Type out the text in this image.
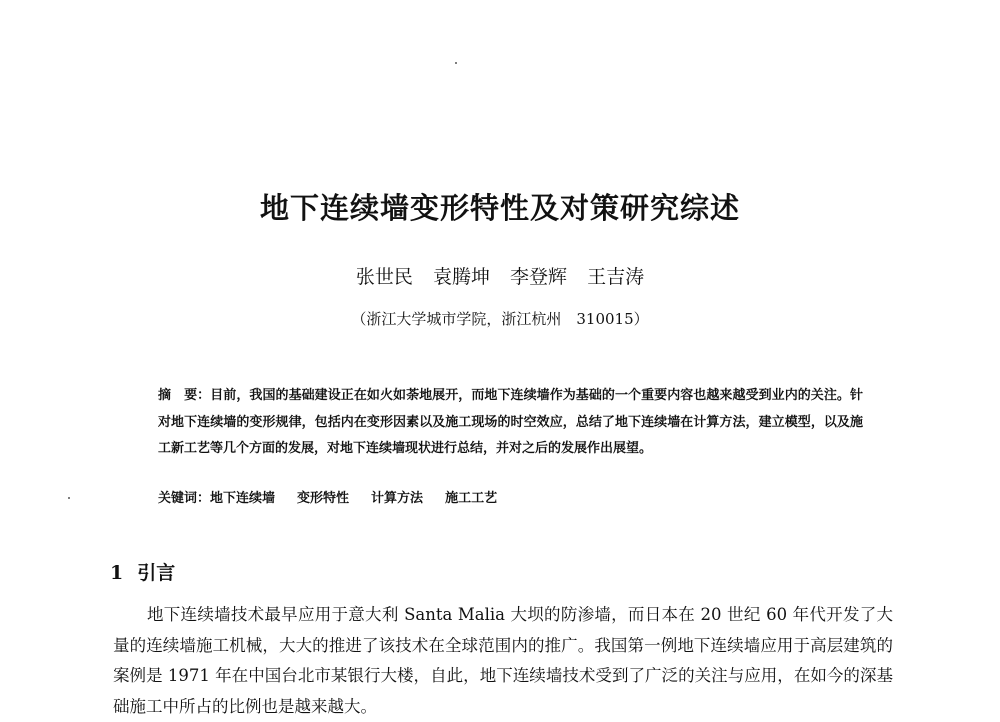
地下连续墙变形特性及对策研究综述

张世民 袁腾坤 李登辉 王吉涛

（浙江大学城市学院，浙江杭州　310015）

摘　要：目前，我国的基础建设正在如火如荼地展开，而地下连续墙作为基础的一个重要内容也越来越受到业内的关注。针对地下连续墙的变形规律，包括内在变形因素以及施工现场的时空效应，总结了地下连续墙在计算方法，建立模型，以及施工新工艺等几个方面的发展，对地下连续墙现状进行总结，并对之后的发展作出展望。

关键词：地下连续墙 变形特性 计算方法 施工工艺

1 引言

地下连续墙技术最早应用于意大利 Santa Malia 大坝的防渗墙，而日本在 20 世纪 60 年代开发了大量的连续墙施工机械，大大的推进了该技术在全球范围内的推广。我国第一例地下连续墙应用于高层建筑的案例是 1971 年在中国台北市某银行大楼，自此，地下连续墙技术受到了广泛的关注与应用，在如今的深基础施工中所占的比例也是越来越大。
